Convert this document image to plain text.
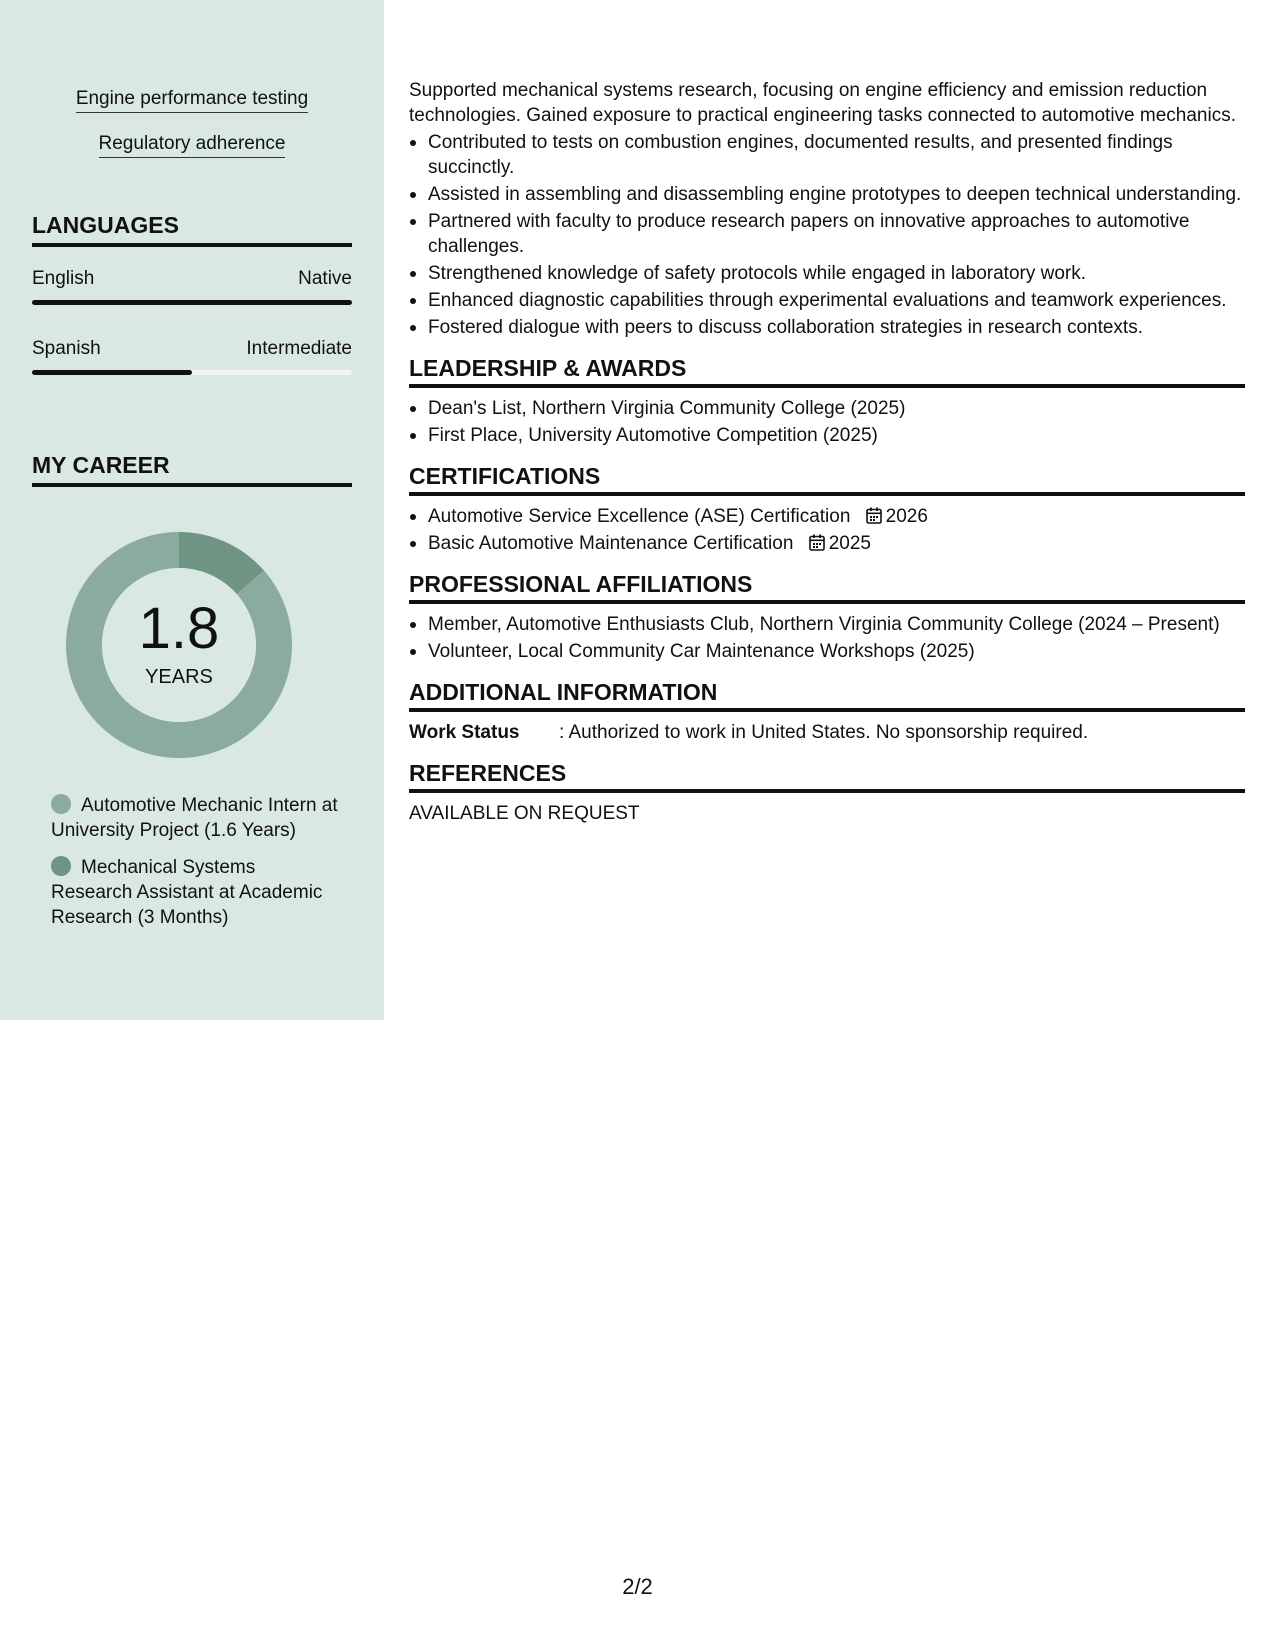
Engine performance testing
Regulatory adherence
LANGUAGES
English	Native
Spanish	Intermediate
MY CAREER
1.8
YEARS
Automotive Mechanic Intern at University Project (1.6 Years)
Mechanical Systems Research Assistant at Academic Research (3 Months)

Supported mechanical systems research, focusing on engine efficiency and emission reduction technologies. Gained exposure to practical engineering tasks connected to automotive mechanics.

Contributed to tests on combustion engines, documented results, and presented findings succinctly.
Assisted in assembling and disassembling engine prototypes to deepen technical understanding.
Partnered with faculty to produce research papers on innovative approaches to automotive challenges.
Strengthened knowledge of safety protocols while engaged in laboratory work.
Enhanced diagnostic capabilities through experimental evaluations and teamwork experiences.
Fostered dialogue with peers to discuss collaboration strategies in research contexts.
LEADERSHIP & AWARDS
Dean's List, Northern Virginia Community College (2025)
First Place, University Automotive Competition (2025)
CERTIFICATIONS
Automotive Service Excellence (ASE) Certification 2026
Basic Automotive Maintenance Certification 2025
PROFESSIONAL AFFILIATIONS
Member, Automotive Enthusiasts Club, Northern Virginia Community College (2024 – Present)
Volunteer, Local Community Car Maintenance Workshops (2025)
ADDITIONAL INFORMATION
Work Status	: Authorized to work in United States. No sponsorship required.
REFERENCES

AVAILABLE ON REQUEST

2/2
